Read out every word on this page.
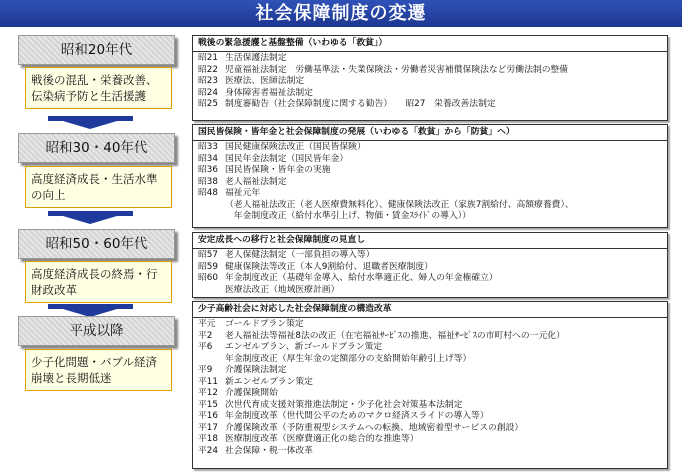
社会保障制度の変遷
昭和20年代
戦後の混乱・栄養改善、伝染病予防と生活援護
昭和30・40年代
高度経済成長・生活水準の向上
昭和50・60年代
高度経済成長の終焉・行財政改革
平成以降
少子化問題・バブル経済崩壊と長期低迷
戦後の緊急援護と基盤整備（いわゆる「救貧」）
昭21 生活保護法制定
昭22 児童福祉法制定　労働基準法・失業保険法・労働者災害補償保険法など労働法制の整備
昭23 医療法、医師法制定
昭24 身体障害者福祉法制定
昭25 制度審勧告（社会保障制度に関する勧告）　　昭27　栄養改善法制定
国民皆保険・皆年金と社会保障制度の発展（いわゆる「救貧」から「防貧」へ）
昭33 国民健康保険法改正（国民皆保険）
昭34 国民年金法制定（国民皆年金）
昭36 国民皆保険・皆年金の実施
昭38 老人福祉法制定
昭48 福祉元年
（老人福祉法改正（老人医療費無料化）、健康保険法改正（家族7割給付、高額療養費）、
　年金制度改正（給付水準引上げ、物価・賃金ｽﾗｲﾄﾞの導入））
安定成長への移行と社会保障制度の見直し
昭57 老人保健法制定（一部負担の導入等）
昭59 健康保険法等改正（本人9割給付、退職者医療制度）
昭60 年金制度改正（基礎年金導入、給付水準適正化、婦人の年金権確立）
医療法改正（地域医療計画）
少子高齢社会に対応した社会保障制度の構造改革
平元	ゴールドプラン策定
平2	老人福祉法等福祉8法の改正（在宅福祉ｻｰﾋﾞｽの推進、福祉ｻｰﾋﾞｽの市町村への一元化）
平6	エンゼルプラン、新ゴールドプラン策定
年金制度改正（厚生年金の定額部分の支給開始年齢引上げ等）
平9	介護保険法制定
平11 新エンゼルプラン策定
平12 介護保険開始
平15 次世代育成支援対策推進法制定・少子化社会対策基本法制定
平16 年金制度改革（世代間公平のためのマクロ経済スライドの導入等）
平17 介護保険改革（予防重視型システムへの転換、地域密着型サービスの創設）
平18 医療制度改革（医療費適正化の総合的な推進等）
平24 社会保障・税一体改革
